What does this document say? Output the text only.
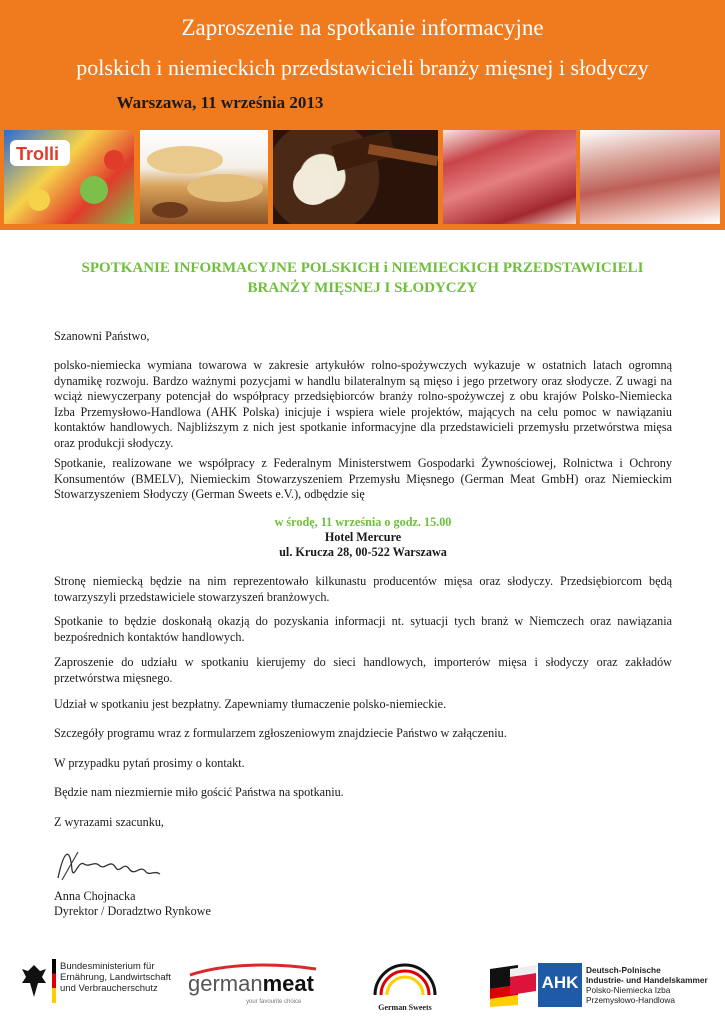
Zaproszenie na spotkanie informacyjne
polskich i niemieckich przedstawicieli branży mięsnej i słodyczy
Warszawa, 11 września 2013
Trolli
SPOTKANIE INFORMACYJNE POLSKICH i NIEMIECKICH PRZEDSTAWICIELI
BRANŻY MIĘSNEJ I SŁODYCZY
Szanowni Państwo,
polsko-niemiecka wymiana towarowa w zakresie artykułów rolno-spożywczych wykazuje w ostatnich latach ogromną dynamikę rozwoju. Bardzo ważnymi pozycjami w handlu bilateralnym są mięso i jego przetwory oraz słodycze. Z uwagi na wciąż niewyczerpany potencjał do współpracy przedsiębiorców branży rolno-spożywczej z obu krajów Polsko-Niemiecka Izba Przemysłowo-Handlowa (AHK Polska) inicjuje i wspiera wiele projektów, mających na celu pomoc w nawiązaniu kontaktów handlowych. Najbliższym z nich jest spotkanie informacyjne dla przedstawicieli przemysłu przetwórstwa mięsa oraz produkcji słodyczy.
Spotkanie, realizowane we współpracy z Federalnym Ministerstwem Gospodarki Żywnościowej, Rolnictwa i Ochrony Konsumentów (BMELV), Niemieckim Stowarzyszeniem Przemysłu Mięsnego (German Meat GmbH) oraz Niemieckim Stowarzyszeniem Słodyczy (German Sweets e.V.), odbędzie się
w środę, 11 września o godz. 15.00
Hotel Mercure
ul. Krucza 28, 00-522 Warszawa
Stronę niemiecką będzie na nim reprezentowało kilkunastu producentów mięsa oraz słodyczy. Przedsiębiorcom będą towarzyszyli przedstawiciele stowarzyszeń branżowych.
Spotkanie to będzie doskonałą okazją do pozyskania informacji nt. sytuacji tych branż w Niemczech oraz nawiązania bezpośrednich kontaktów handlowych.
Zaproszenie do udziału w spotkaniu kierujemy do sieci handlowych, importerów mięsa i słodyczy oraz zakładów przetwórstwa mięsnego.
Udział w spotkaniu jest bezpłatny. Zapewniamy tłumaczenie polsko-niemieckie.
Szczegóły programu wraz z formularzem zgłoszeniowym znajdziecie Państwo w załączeniu.
W przypadku pytań prosimy o kontakt.
Będzie nam niezmiernie miło gościć Państwa na spotkaniu.
Z wyrazami szacunku,
Anna Chojnacka
Dyrektor / Doradztwo Rynkowe
Bundesministerium für
Ernährung, Landwirtschaft
und Verbraucherschutz	germanmeat
your favourite choice
German Sweets
AHK
Deutsch-Polnische
Industrie- und Handelskammer
Polsko-Niemiecka Izba
Przemysłowo-Handlowa
